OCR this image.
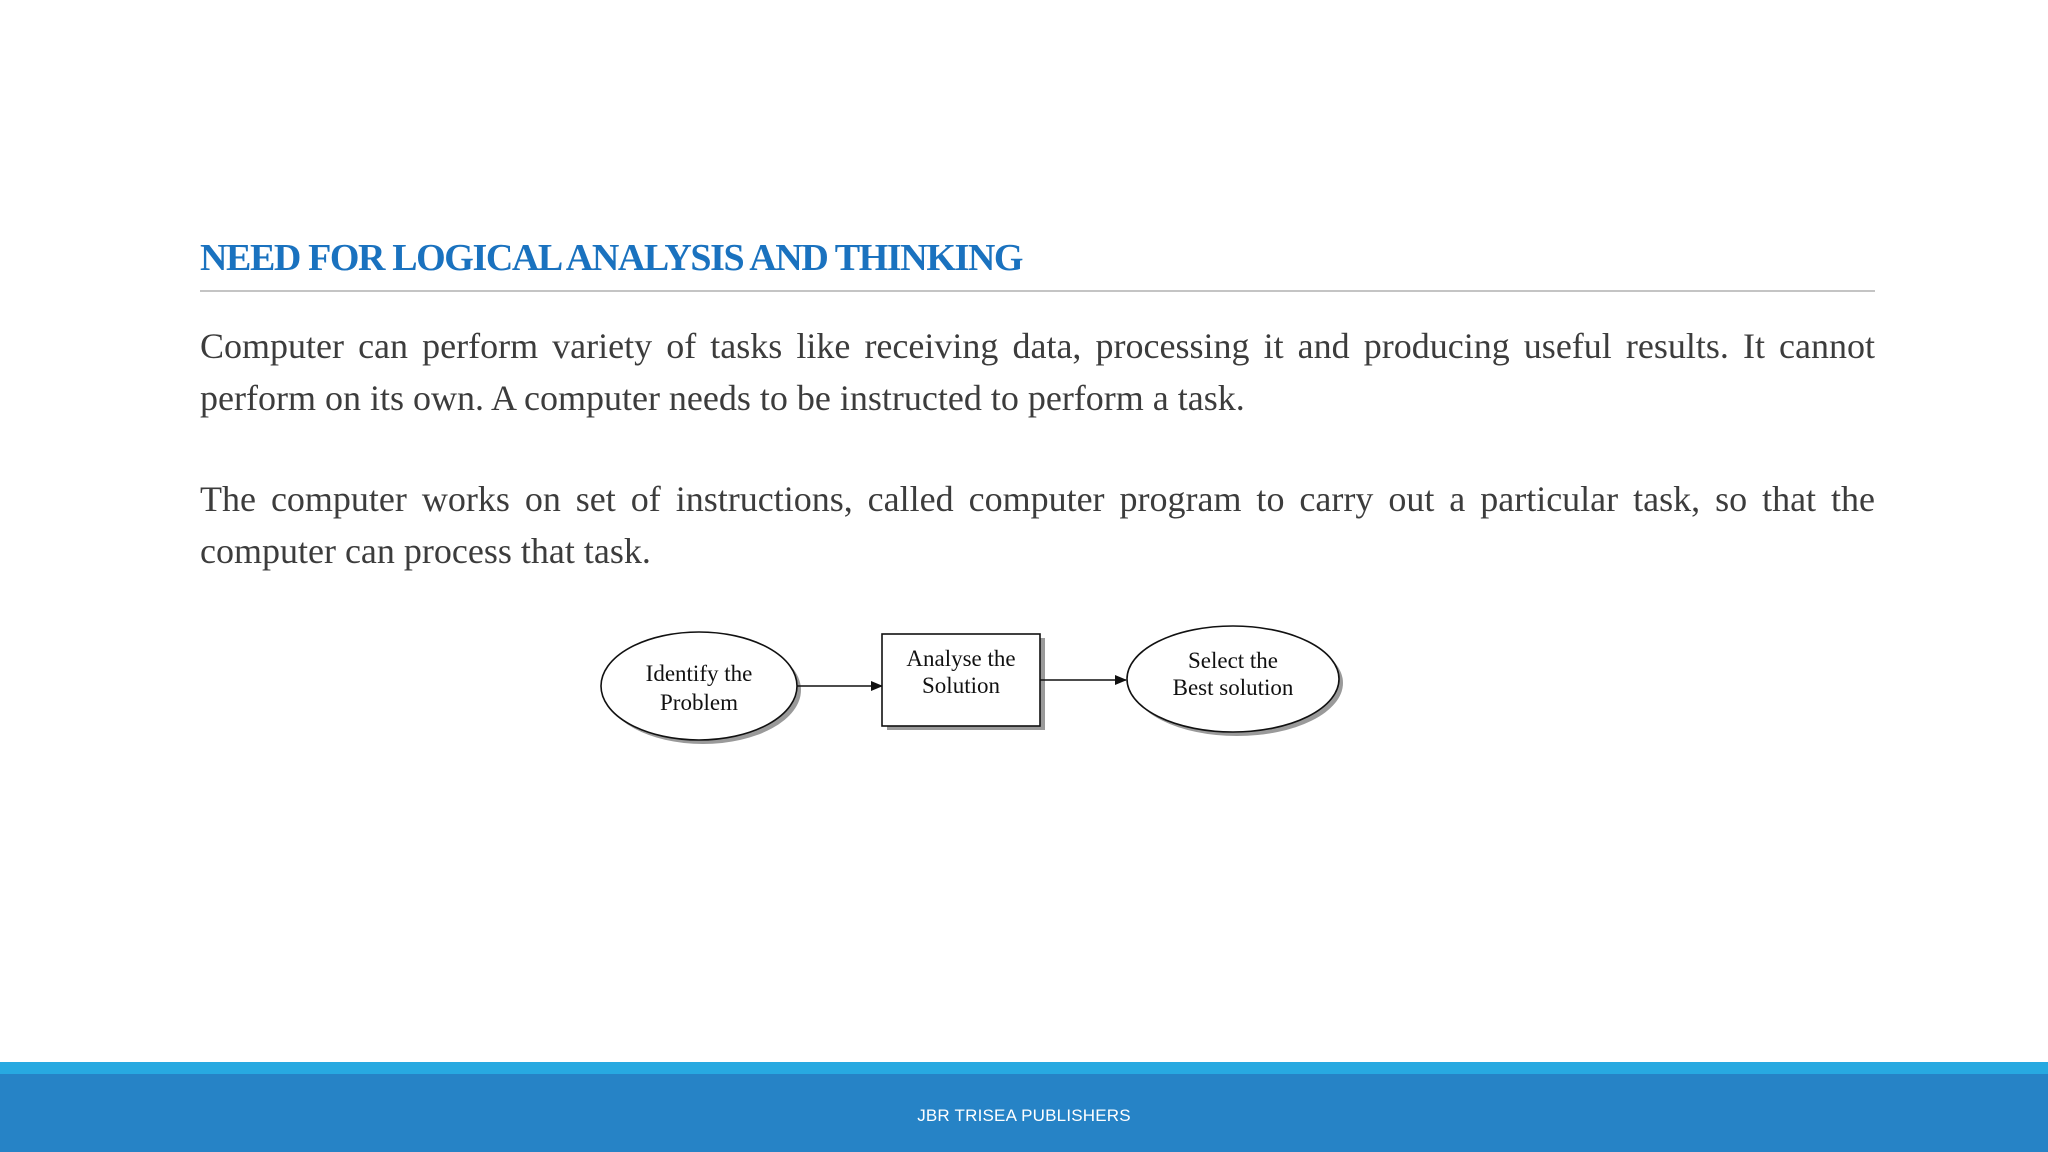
NEED FOR LOGICAL ANALYSIS AND THINKING

Computer can perform variety of tasks like receiving data, processing it and producing useful results. It cannot perform on its own. A computer needs to be instructed to perform a task.

The computer works on set of instructions, called computer program to carry out a particular task, so that the computer can process that task.

Identify the
Problem
Analyse the
Solution
Select the
Best solution
JBR TRISEA PUBLISHERS
